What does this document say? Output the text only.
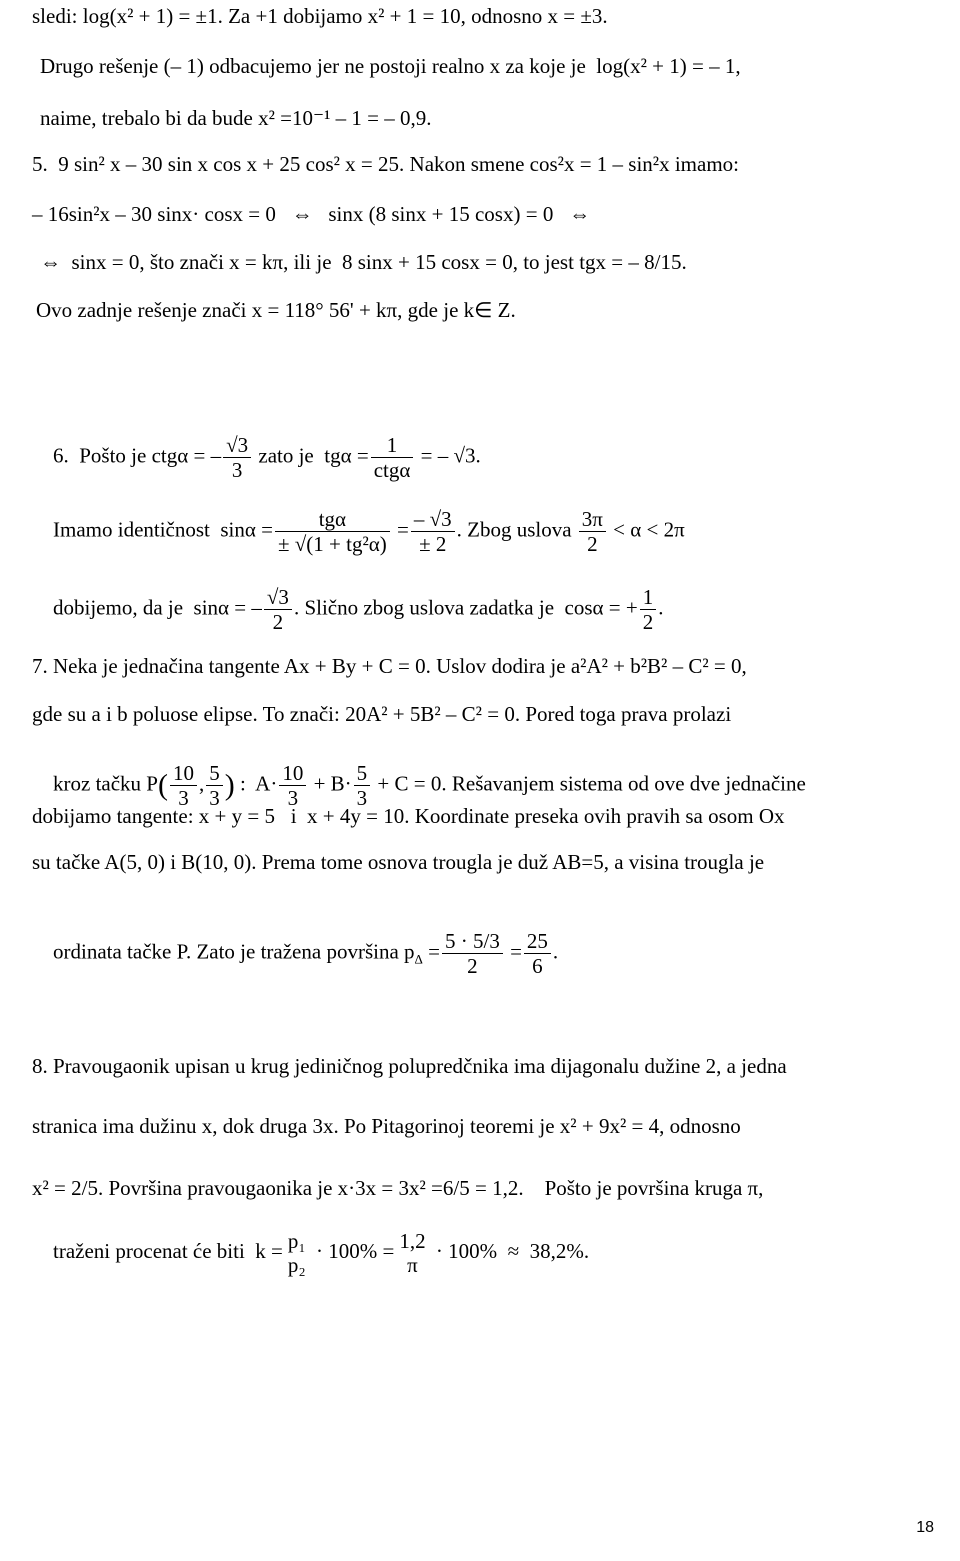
sledi: log(x² + 1) = ±1. Za +1 dobijamo x² + 1 = 10, odnosno x = ±3.
Drugo rešenje (– 1) odbacujemo jer ne postoji realno x za koje je  log(x² + 1) = – 1,
naime, trebalo bi da bude x² =10⁻¹ – 1 = – 0,9.
5.  9 sin² x – 30 sin x cos x + 25 cos² x = 25. Nakon smene cos²x = 1 – sin²x imamo:
– 16sin²x – 30 sinx· cosx = 0   ⇔   sinx (8 sinx + 15 cosx) = 0   ⇔
⇔  sinx = 0, što znači x = kπ, ili je  8 sinx + 15 cosx = 0, to jest tgx = – 8/15.
Ovo zadnje rešenje znači x = 118° 56' + kπ, gde je k∈ Z.

6.  Pošto je ctgα = – $\frac{√3}{3}$ zato je  tgα = 1
ctgα
= – √3.

Imamo identičnost  sinα =	tgα
± √(1 + tg²α)
= $\frac{- √3}{\pm 2}$ . Zbog uslova $\frac{3\pi}{2} < \alpha < 2\pi$

dobijemo, da je  sinα = – $\frac{√3}{2}$ . Slično zbog uslova zadatka je  cosα = + $\frac{1}{2}$ .

7. Neka je jednačina tangente Ax + By + C = 0. Uslov dodira je a²A² + b²B² – C² = 0,
gde su a i b poluose elipse. To znači: 20A² + 5B² – C² = 0. Pored toga prava prolazi

kroz tačku $P( \frac{10}{3}$ , $\frac{5}{3}$ ) :  $A\cdot \frac{10}{3} + B\cdot \frac{5}{3} + C = 0$. Rešavanjem sistema od ove dve jednačine

dobijamo tangente: x + y = 5   i  x + 4y = 10. Koordinate preseka ovih pravih sa osom Ox
su tačke A(5, 0) i B(10, 0). Prema tome osnova trougla je duž AB=5, a visina trougla je

ordinata tačke P. Zato je tražena površina $p_\Delta = \frac{5 \cdot 5/3}{2} = \frac{25}{6}$ .

8. Pravougaonik upisan u krug jediničnog polupredčnika ima dijagonalu dužine 2, a jedna
stranica ima dužinu x, dok druga 3x. Po Pitagorinoj teoremi je x² + 9x² = 4, odnosno
x² = 2/5. Površina pravougaonika je x·3x = 3x² =6/5 = 1,2.    Pošto je površina kruga π,

traženi procenat će biti  k = p₁
p₂
· 100% = 1,2
π
· 100%  ≈  38,2%.

18
